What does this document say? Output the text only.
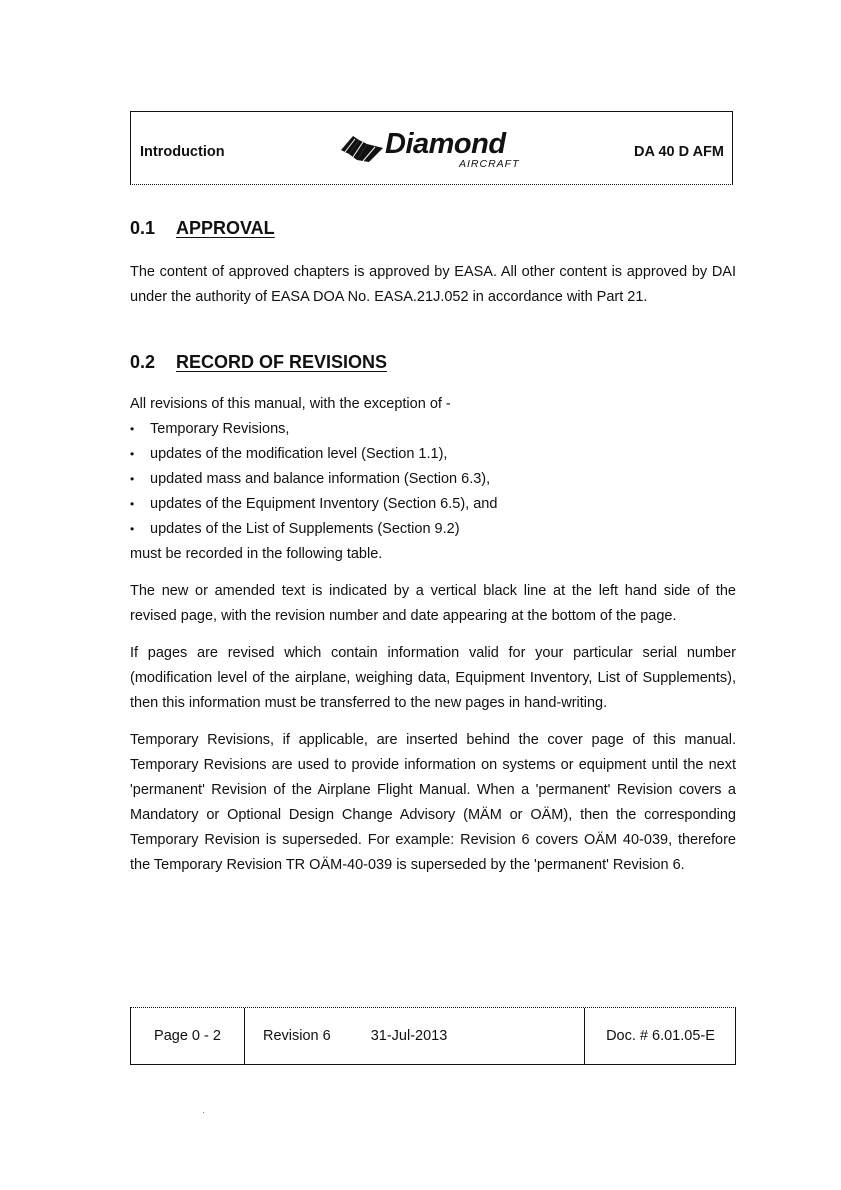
Introduction	Diamond
AIRCRAFT
DA 40 D AFM
0.1 APPROVAL

The content of approved chapters is approved by EASA. All other content is approved by DAI under the authority of EASA DOA No. EASA.21J.052 in accordance with Part 21.

0.2 RECORD OF REVISIONS

All revisions of this manual, with the exception of -

• Temporary Revisions,
• updates of the modification level (Section 1.1),
• updated mass and balance information (Section 6.3),
• updates of the Equipment Inventory (Section 6.5), and
• updates of the List of Supplements (Section 9.2)

must be recorded in the following table.

The new or amended text is indicated by a vertical black line at the left hand side of the revised page, with the revision number and date appearing at the bottom of the page.

If pages are revised which contain information valid for your particular serial number (modification level of the airplane, weighing data, Equipment Inventory, List of Supplements), then this information must be transferred to the new pages in hand-writing.

Temporary Revisions, if applicable, are inserted behind the cover page of this manual. Temporary Revisions are used to provide information on systems or equipment until the next 'permanent' Revision of the Airplane Flight Manual. When a 'permanent' Revision covers a Mandatory or Optional Design Change Advisory (MÄM or OÄM), then the corresponding Temporary Revision is superseded. For example: Revision 6 covers OÄM 40-039, therefore the Temporary Revision TR OÄM-40-039 is superseded by the 'permanent' Revision 6.

Page 0 - 2	Revision 6	31-Jul-2013	Doc. # 6.01.05-E
